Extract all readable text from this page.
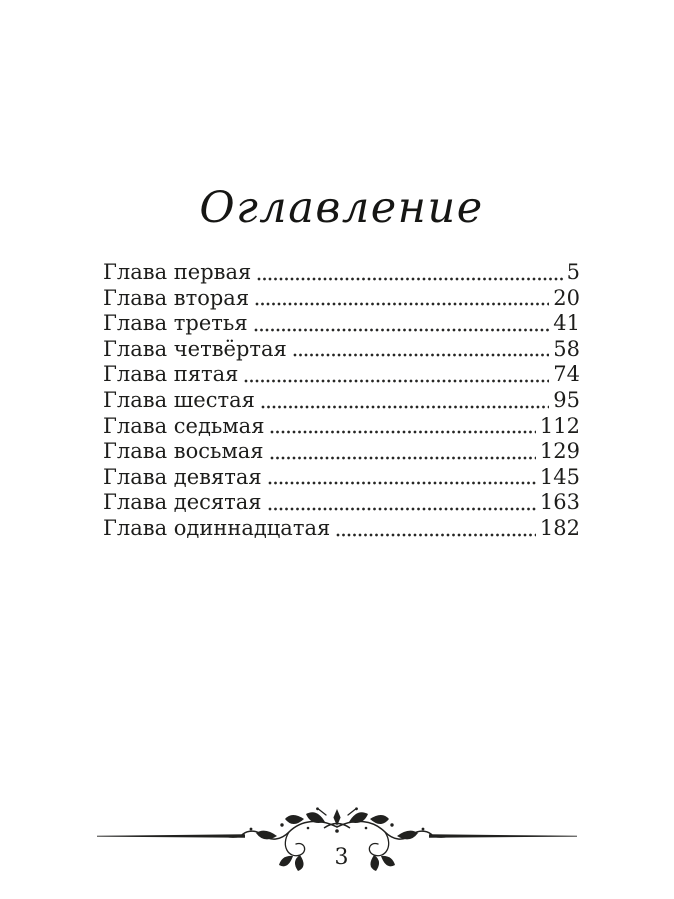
Оглавление
Глава первая	5
Глава вторая	20
Глава третья	41
Глава четвёртая	58
Глава пятая	74
Глава шестая	95
Глава седьмая	112
Глава восьмая	129
Глава девятая	145
Глава десятая	163
Глава одиннадцатая	182
3
